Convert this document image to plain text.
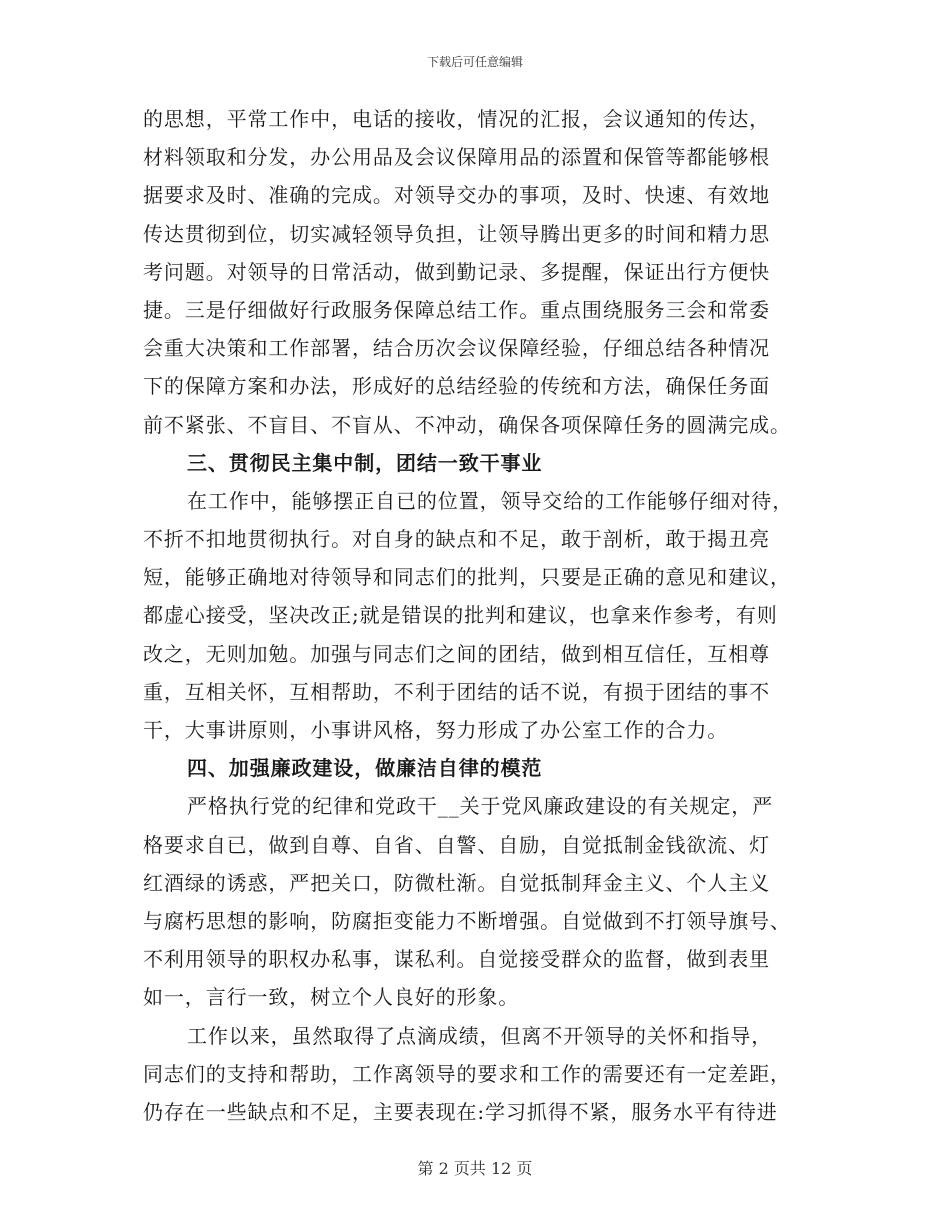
下载后可任意编辑
的思想，平常工作中，电话的接收，情况的汇报，会议通知的传达，
材料领取和分发，办公用品及会议保障用品的添置和保管等都能够根
据要求及时、准确的完成。对领导交办的事项，及时、快速、有效地
传达贯彻到位，切实减轻领导负担，让领导腾出更多的时间和精力思
考问题。对领导的日常活动，做到勤记录、多提醒，保证出行方便快
捷。三是仔细做好行政服务保障总结工作。重点围绕服务三会和常委
会重大决策和工作部署，结合历次会议保障经验，仔细总结各种情况
下的保障方案和办法，形成好的总结经验的传统和方法，确保任务面
前不紧张、不盲目、不盲从、不冲动，确保各项保障任务的圆满完成。
三、贯彻民主集中制，团结一致干事业
在工作中，能够摆正自已的位置，领导交给的工作能够仔细对待，
不折不扣地贯彻执行。对自身的缺点和不足，敢于剖析，敢于揭丑亮
短，能够正确地对待领导和同志们的批判，只要是正确的意见和建议，
都虚心接受，坚决改正;就是错误的批判和建议，也拿来作参考，有则
改之，无则加勉。加强与同志们之间的团结，做到相互信任，互相尊
重，互相关怀，互相帮助，不利于团结的话不说，有损于团结的事不
干，大事讲原则，小事讲风格，努力形成了办公室工作的合力。
四、加强廉政建设，做廉洁自律的模范
严格执行党的纪律和党政干__关于党风廉政建设的有关规定，严
格要求自已，做到自尊、自省、自警、自励，自觉抵制金钱欲流、灯
红酒绿的诱惑，严把关口，防微杜渐。自觉抵制拜金主义、个人主义
与腐朽思想的影响，防腐拒变能力不断增强。自觉做到不打领导旗号、
不利用领导的职权办私事，谋私利。自觉接受群众的监督，做到表里
如一，言行一致，树立个人良好的形象。
工作以来，虽然取得了点滴成绩，但离不开领导的关怀和指导，
同志们的支持和帮助，工作离领导的要求和工作的需要还有一定差距，
仍存在一些缺点和不足，主要表现在:学习抓得不紧，服务水平有待进
第 2 页共 12 页
